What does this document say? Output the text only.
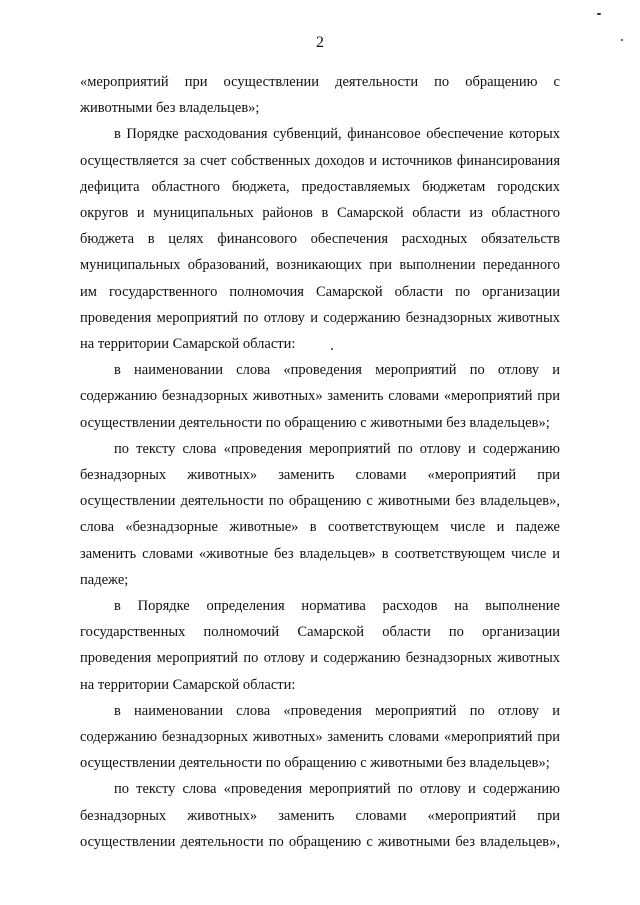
2

«мероприятий при осуществлении деятельности по обращению с животными без владельцев»;

в Порядке расходования субвенций, финансовое обеспечение которых осуществляется за счет собственных доходов и источников финансирования дефицита областного бюджета, предоставляемых бюджетам городских округов и муниципальных районов в Самарской области из областного бюджета в целях финансового обеспечения расходных обязательств муниципальных образований, возникающих при выполнении переданного им государственного полномочия Самарской области по организации проведения мероприятий по отлову и содержанию безнадзорных животных на территории Самарской области:

в наименовании слова «проведения мероприятий по отлову и содержанию безнадзорных животных» заменить словами «мероприятий при осуществлении деятельности по обращению с животными без владельцев»;

по тексту слова «проведения мероприятий по отлову и содержанию безнадзорных животных» заменить словами «мероприятий при осуществлении деятельности по обращению с животными без владельцев», слова «безнадзорные животные» в соответствующем числе и падеже заменить словами «животные без владельцев» в соответствующем числе и падеже;

в Порядке определения норматива расходов на выполнение государственных полномочий Самарской области по организации проведения мероприятий по отлову и содержанию безнадзорных животных на территории Самарской области:

в наименовании слова «проведения мероприятий по отлову и содержанию безнадзорных животных» заменить словами «мероприятий при осуществлении деятельности по обращению с животными без владельцев»;

по тексту слова «проведения мероприятий по отлову и содержанию безнадзорных животных» заменить словами «мероприятий при осуществлении деятельности по обращению с животными без владельцев»,
